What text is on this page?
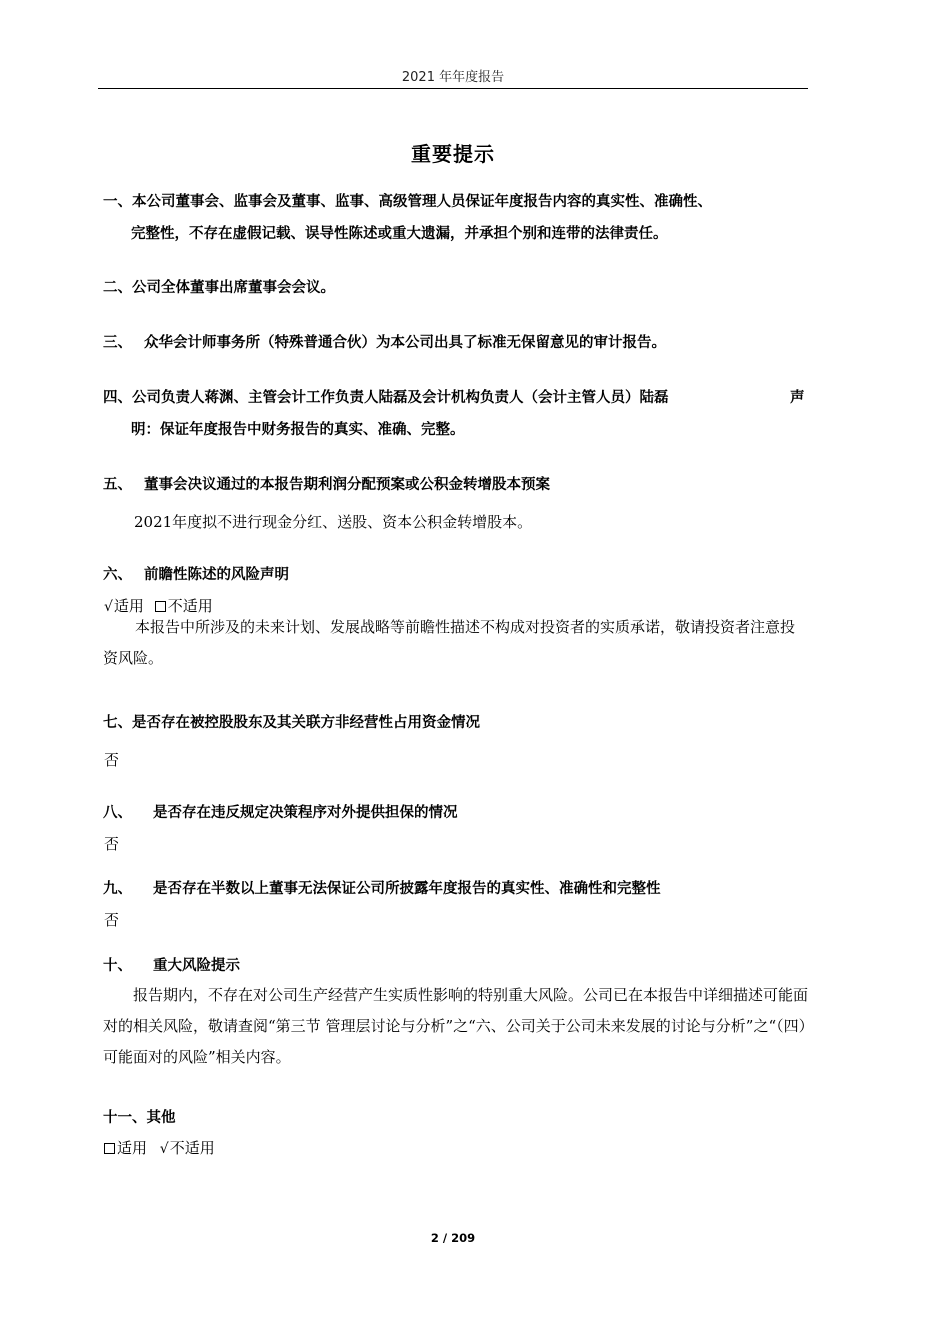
2021 年年度报告
重要提示
一、本公司董事会、监事会及董事、监事、高级管理人员保证年度报告内容的真实性、准确性、
完整性，不存在虚假记载、误导性陈述或重大遗漏，并承担个别和连带的法律责任。
二、公司全体董事出席董事会会议。
三、 众华会计师事务所（特殊普通合伙）为本公司出具了标准无保留意见的审计报告。
四、公司负责人蒋渊、主管会计工作负责人陆磊及会计机构负责人（会计主管人员）陆磊	声
明：保证年度报告中财务报告的真实、准确、完整。
五、 董事会决议通过的本报告期利润分配预案或公积金转增股本预案
2021年度拟不进行现金分红、送股、资本公积金转增股本。
六、 前瞻性陈述的风险声明
√适用 不适用
本报告中所涉及的未来计划、发展战略等前瞻性描述不构成对投资者的实质承诺，敬请投资者注意投资风险。
七、是否存在被控股股东及其关联方非经营性占用资金情况
否
八、 是否存在违反规定决策程序对外提供担保的情况
否
九、 是否存在半数以上董事无法保证公司所披露年度报告的真实性、准确性和完整性
否
十、 重大风险提示
报告期内，不存在对公司生产经营产生实质性影响的特别重大风险。公司已在本报告中详细描述可能面对的相关风险，敬请查阅“第三节 管理层讨论与分析”之“六、公司关于公司未来发展的讨论与分析”之“（四）可能面对的风险”相关内容。
十一、其他
适用 √不适用
2 / 209
